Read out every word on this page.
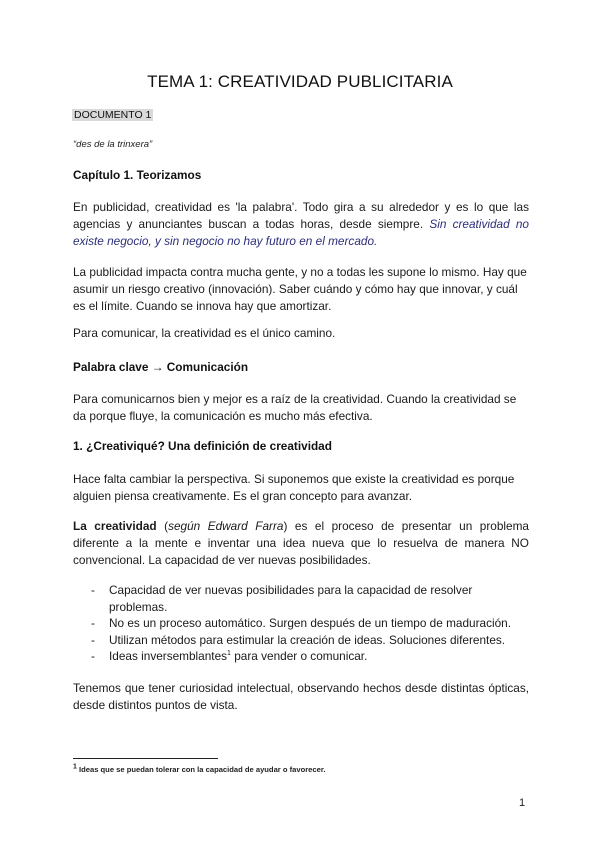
TEMA 1: CREATIVIDAD PUBLICITARIA
DOCUMENTO 1
“des de la trinxera”
Capítulo 1. Teorizamos
En publicidad, creatividad es 'la palabra'. Todo gira a su alrededor y es lo que las agencias y anunciantes buscan a todas horas, desde siempre. Sin creatividad no existe negocio, y sin negocio no hay futuro en el mercado.
La publicidad impacta contra mucha gente, y no a todas les supone lo mismo. Hay que asumir un riesgo creativo (innovación). Saber cuándo y cómo hay que innovar, y cuál es el límite. Cuando se innova hay que amortizar.
Para comunicar, la creatividad es el único camino.
Palabra clave → Comunicación
Para comunicarnos bien y mejor es a raíz de la creatividad. Cuando la creatividad se da porque fluye, la comunicación es mucho más efectiva.
1. ¿Creativiqué? Una definición de creatividad
Hace falta cambiar la perspectiva. Si suponemos que existe la creatividad es porque alguien piensa creativamente. Es el gran concepto para avanzar.
La creatividad (según Edward Farra) es el proceso de presentar un problema diferente a la mente e inventar una idea nueva que lo resuelva de manera NO convencional. La capacidad de ver nuevas posibilidades.
- Capacidad de ver nuevas posibilidades para la capacidad de resolver problemas.
- No es un proceso automático. Surgen después de un tiempo de maduración.
- Utilizan métodos para estimular la creación de ideas. Soluciones diferentes.
- Ideas inversemblantes$^1$ para vender o comunicar.
Tenemos que tener curiosidad intelectual, observando hechos desde distintas ópticas, desde distintos puntos de vista.
$^1$ Ideas que se puedan tolerar con la capacidad de ayudar o favorecer.
1
